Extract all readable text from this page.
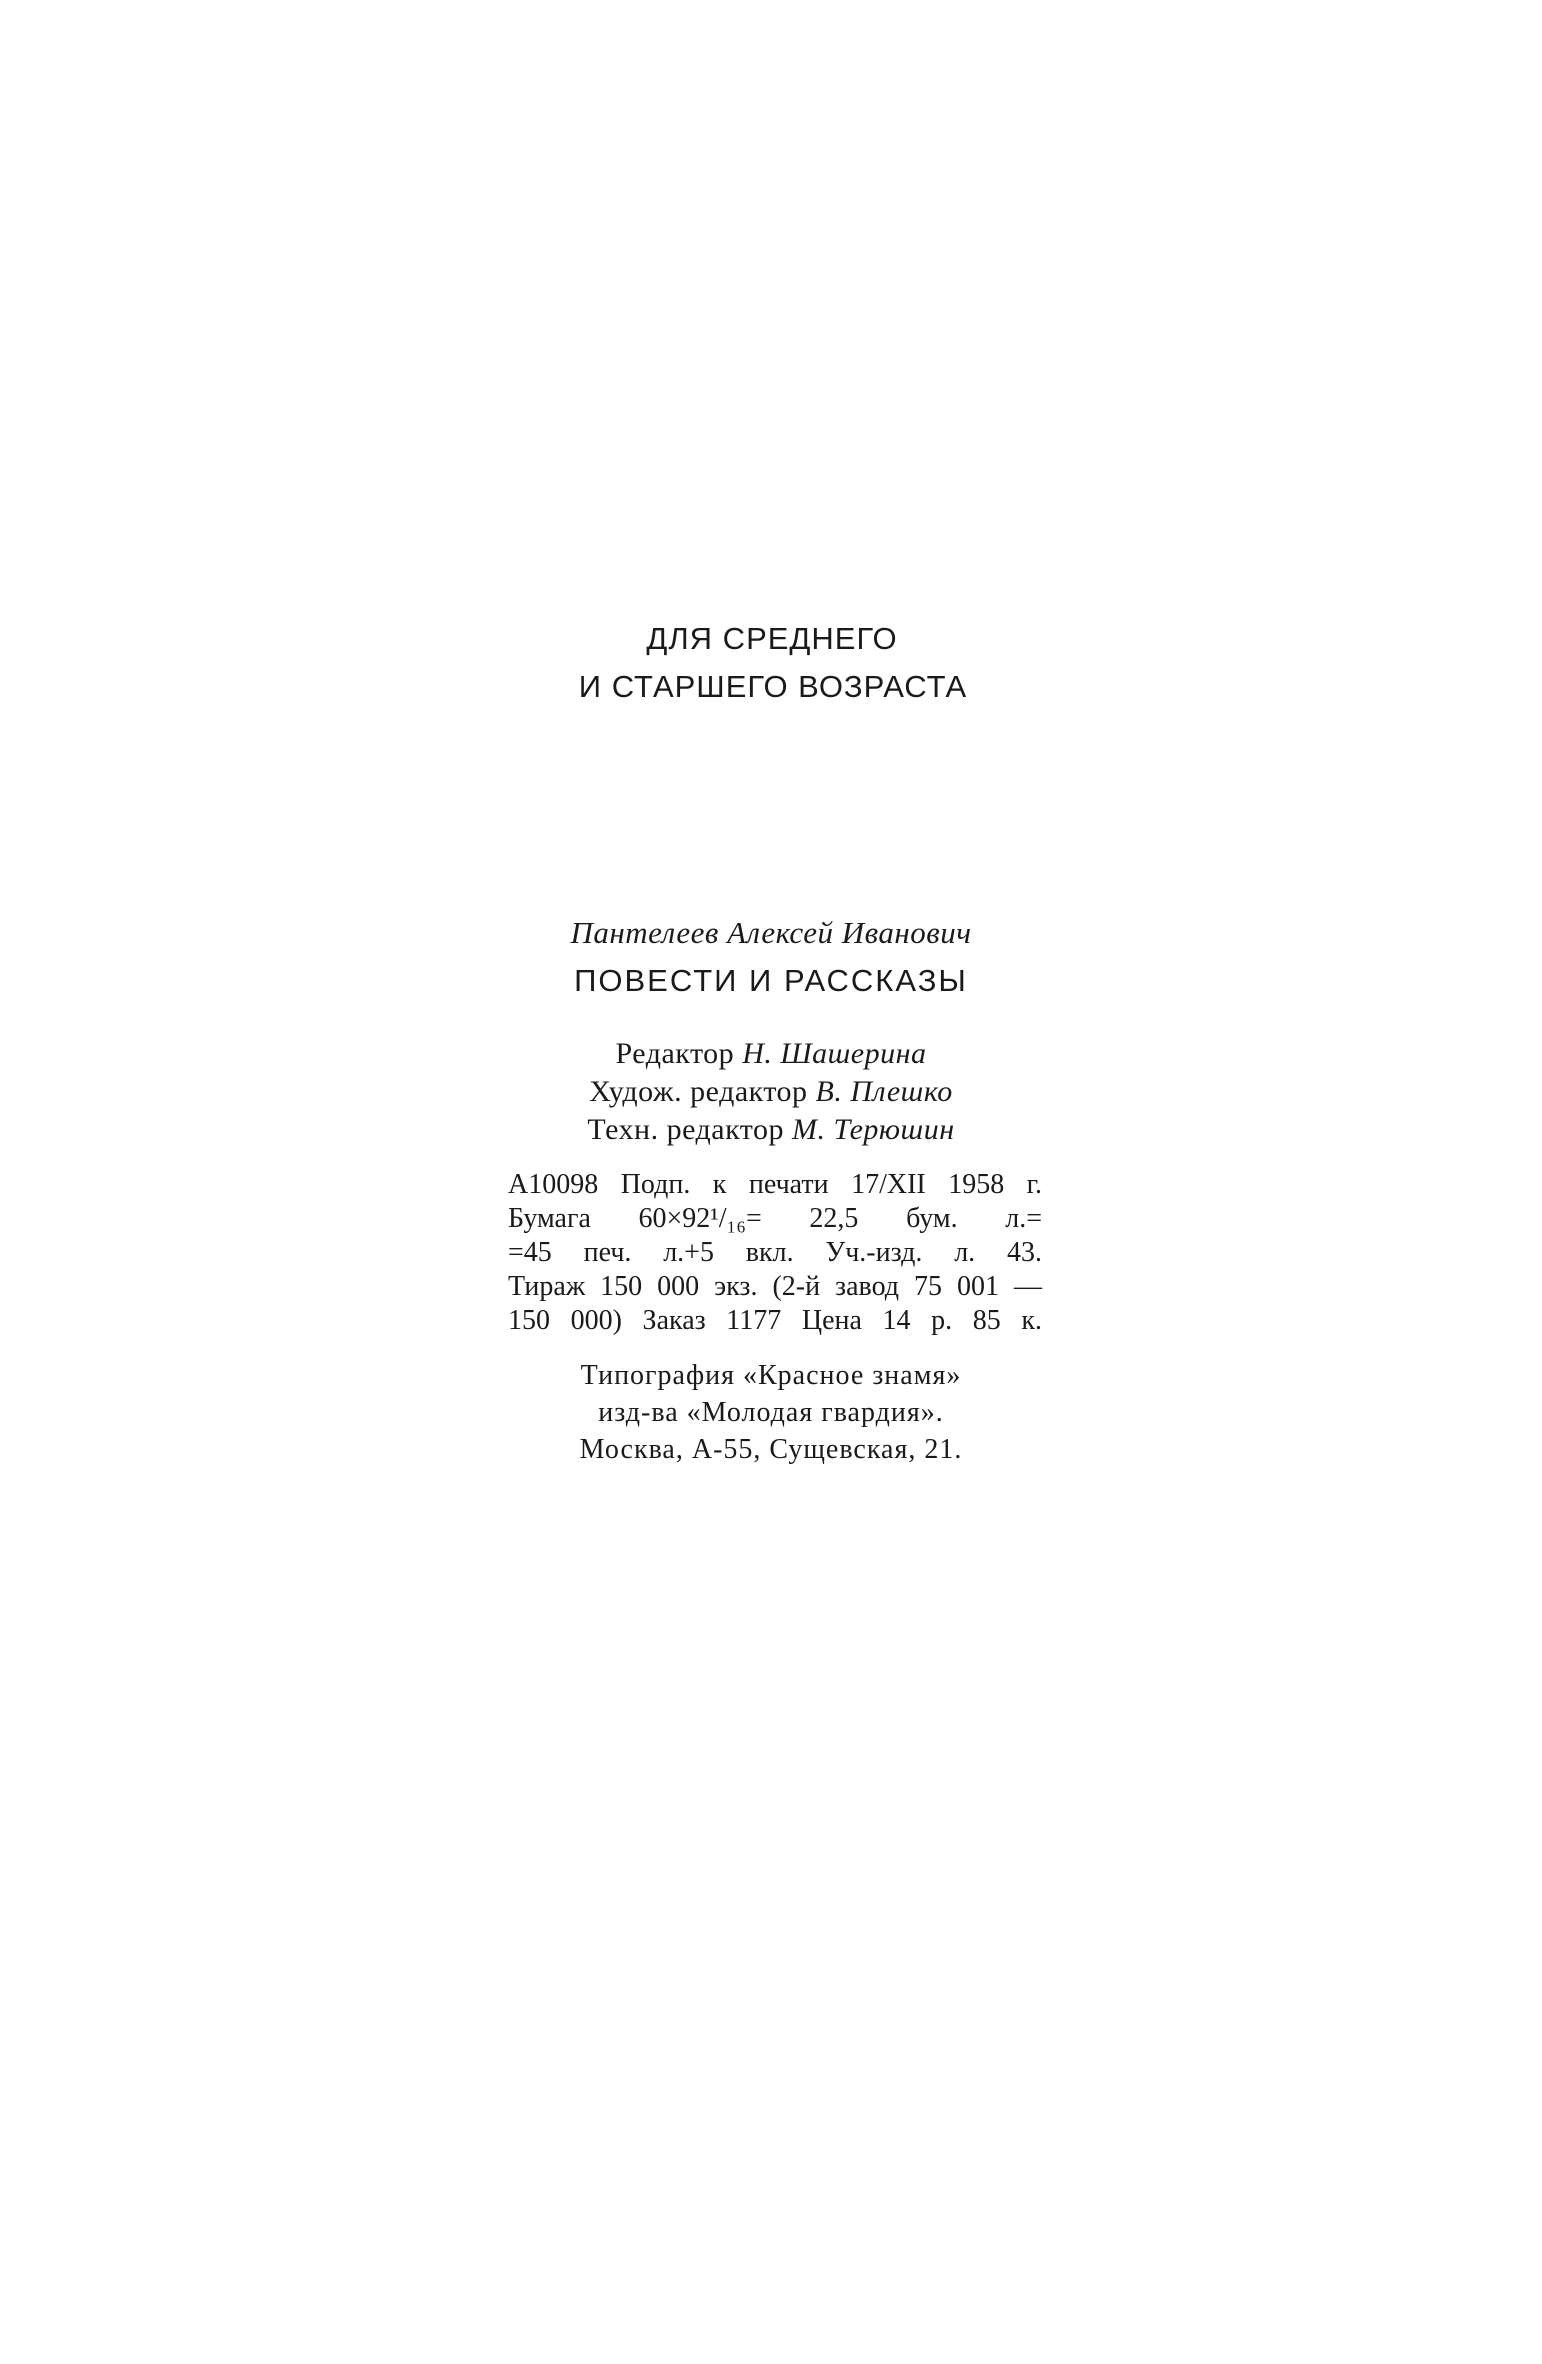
ДЛЯ СРЕДНЕГО
И СТАРШЕГО ВОЗРАСТА
Пантелеев Алексей Иванович
ПОВЕСТИ И РАССКАЗЫ
Редактор Н. Шашерина
Худож. редактор В. Плешко
Техн. редактор М. Терюшин
А10098 Подп. к печати 17/XII 1958 г.
Бумага 60×92¹/₁₆= 22,5 бум. л.=
=45 печ. л.+5 вкл. Уч.-изд. л. 43.
Тираж 150 000 экз. (2-й завод 75 001 —
150 000) Заказ 1177 Цена 14 р. 85 к.
Типография «Красное знамя»
изд-ва «Молодая гвардия».
Москва, А-55, Сущевская, 21.
